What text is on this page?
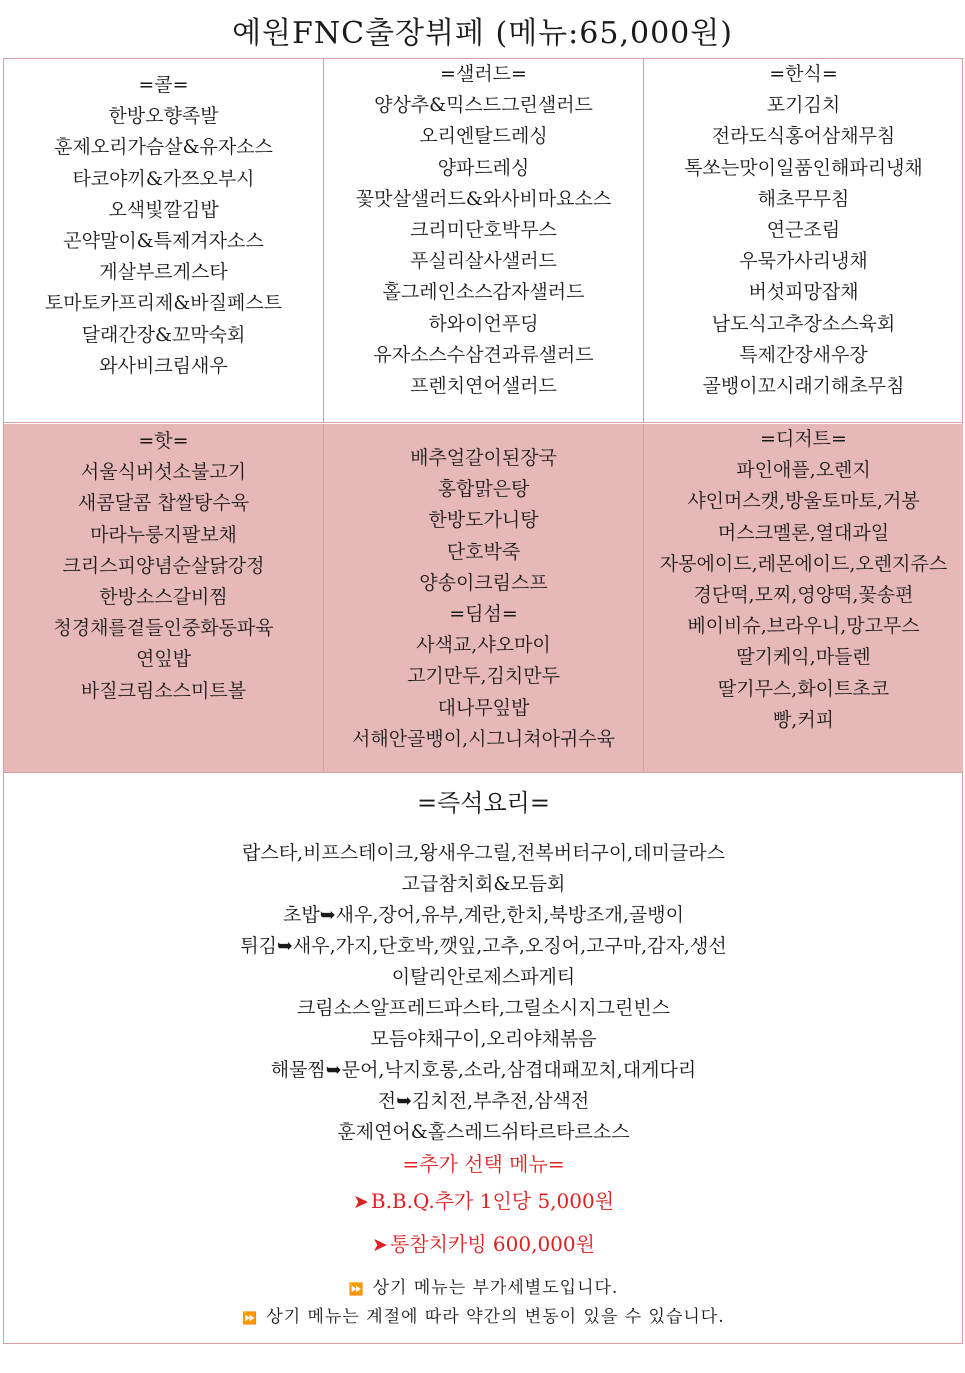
예원FNC출장뷔페 (메뉴:65,000원)
=콜=
한방오향족발
훈제오리가슴살&유자소스
타코야끼&가쯔오부시
오색빛깔김밥
곤약말이&특제겨자소스
게살부르게스타
토마토카프리제&바질페스트
달래간장&꼬막숙회
와사비크림새우
=샐러드=
양상추&믹스드그린샐러드
오리엔탈드레싱
양파드레싱
꽃맛살샐러드&와사비마요소스
크리미단호박무스
푸실리살사샐러드
홀그레인소스감자샐러드
하와이언푸딩
유자소스수삼견과류샐러드
프렌치연어샐러드
=한식=
포기김치
전라도식홍어삼채무침
톡쏘는맛이일품인해파리냉채
해초무무침
연근조림
우묵가사리냉채
버섯피망잡채
남도식고추장소스육회
특제간장새우장
골뱅이꼬시래기해초무침
=핫=
서울식버섯소불고기
새콤달콤 찹쌀탕수육
마라누룽지팔보채
크리스피양념순살닭강정
한방소스갈비찜
청경채를곁들인중화동파육
연잎밥
바질크림소스미트볼
배추얼갈이된장국
홍합맑은탕
한방도가니탕
단호박죽
양송이크림스프
=딤섬=
사색교,샤오마이
고기만두,김치만두
대나무잎밥
서해안골뱅이,시그니쳐아귀수육
=디저트=
파인애플,오렌지
샤인머스캣,방울토마토,거봉
머스크멜론,열대과일
자몽에이드,레몬에이드,오렌지쥬스
경단떡,모찌,영양떡,꽃송편
베이비슈,브라우니,망고무스
딸기케익,마들렌
딸기무스,화이트초코
빵,커피
=즉석요리=
랍스타,비프스테이크,왕새우그릴,전복버터구이,데미글라스
고급참치회&모듬회
초밥➥새우,장어,유부,계란,한치,북방조개,골뱅이
튀김➥새우,가지,단호박,깻잎,고추,오징어,고구마,감자,생선
이탈리안로제스파게티
크림소스알프레드파스타,그릴소시지그린빈스
모듬야채구이,오리야채볶음
해물찜➥문어,낙지호롱,소라,삼겹대패꼬치,대게다리
전➥김치전,부추전,삼색전
훈제연어&홀스레드쉬타르타르소스
=추가 선택 메뉴=
➤ B.B.Q.추가 1인당 5,000원
➤ 통참치카빙 600,000원
⏩ 상기 메뉴는 부가세별도입니다.
⏩ 상기 메뉴는 계절에 따라 약간의 변동이 있을 수 있습니다.
